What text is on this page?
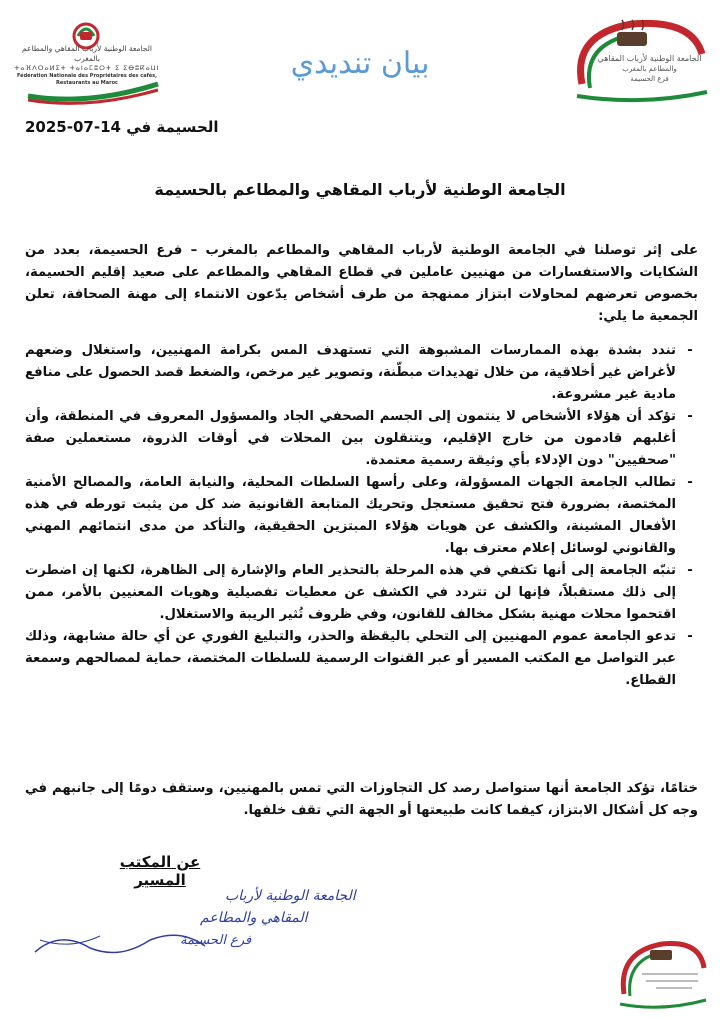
الجامعة الوطنية لأرباب المقاهي والمطاعم بالمغرب
ⵜⴰⴼⴷⵔⴰⵍⵉⵜ ⵜⴰⵏⴰⵎⵓⵔⵜ ⵉ ⵉⴱⵓⴽⴰⵡⵏ
Fédération Nationale des Propriétaires des cafés, Restaurants au Maroc
بيان تنديدي	الجامعة الوطنية لأرباب المقاهي
والمطاعم بالمغرب
فرع الحسيمة
الحسيمة في 2025-07-14
الجامعة الوطنية لأرباب المقاهي والمطاعم بالحسيمة

على إثر توصلنا في الجامعة الوطنية لأرباب المقاهي والمطاعم بالمغرب – فرع الحسيمة، بعدد من الشكايات والاستفسارات من مهنيين عاملين في قطاع المقاهي والمطاعم على صعيد إقليم الحسيمة، بخصوص تعرضهم لمحاولات ابتزاز ممنهجة من طرف أشخاص يدّعون الانتماء إلى مهنة الصحافة، تعلن الجمعية ما يلي:

-
تندد بشدة بهذه الممارسات المشبوهة التي تستهدف المس بكرامة المهنيين، واستغلال وضعهم لأغراض غير أخلاقية، من خلال تهديدات مبطّنة، وتصوير غير مرخص، والضغط قصد الحصول على منافع مادية غير مشروعة.
-
تؤكد أن هؤلاء الأشخاص لا ينتمون إلى الجسم الصحفي الجاد والمسؤول المعروف في المنطقة، وأن أغلبهم قادمون من خارج الإقليم، ويتنقلون بين المحلات في أوقات الذروة، مستعملين صفة "صحفيين" دون الإدلاء بأي وثيقة رسمية معتمدة.
-
تطالب الجامعة الجهات المسؤولة، وعلى رأسها السلطات المحلية، والنيابة العامة، والمصالح الأمنية المختصة، بضرورة فتح تحقيق مستعجل وتحريك المتابعة القانونية ضد كل من يثبت تورطه في هذه الأفعال المشينة، والكشف عن هويات هؤلاء المبتزين الحقيقية، والتأكد من مدى انتمائهم المهني والقانوني لوسائل إعلام معترف بها.
-
تنبّه الجامعة إلى أنها تكتفي في هذه المرحلة بالتحذير العام والإشارة إلى الظاهرة، لكنها إن اضطرت إلى ذلك مستقبلاً، فإنها لن تتردد في الكشف عن معطيات تفصيلية وهويات المعنيين بالأمر، ممن اقتحموا محلات مهنية بشكل مخالف للقانون، وفي ظروف تُثير الريبة والاستغلال.
-
تدعو الجامعة عموم المهنيين إلى التحلي باليقظة والحذر، والتبليغ الفوري عن أي حالة مشابهة، وذلك عبر التواصل مع المكتب المسير أو عبر القنوات الرسمية للسلطات المختصة، حماية لمصالحهم وسمعة القطاع.

ختامًا، تؤكد الجامعة أنها ستواصل رصد كل التجاوزات التي تمس بالمهنيين، وستقف دومًا إلى جانبهم في وجه كل أشكال الابتزاز، كيفما كانت طبيعتها أو الجهة التي تقف خلفها.

عن المكتب المسير
الجامعة الوطنية لأرباب
المقاهي والمطاعم
فرع الحسيمة
